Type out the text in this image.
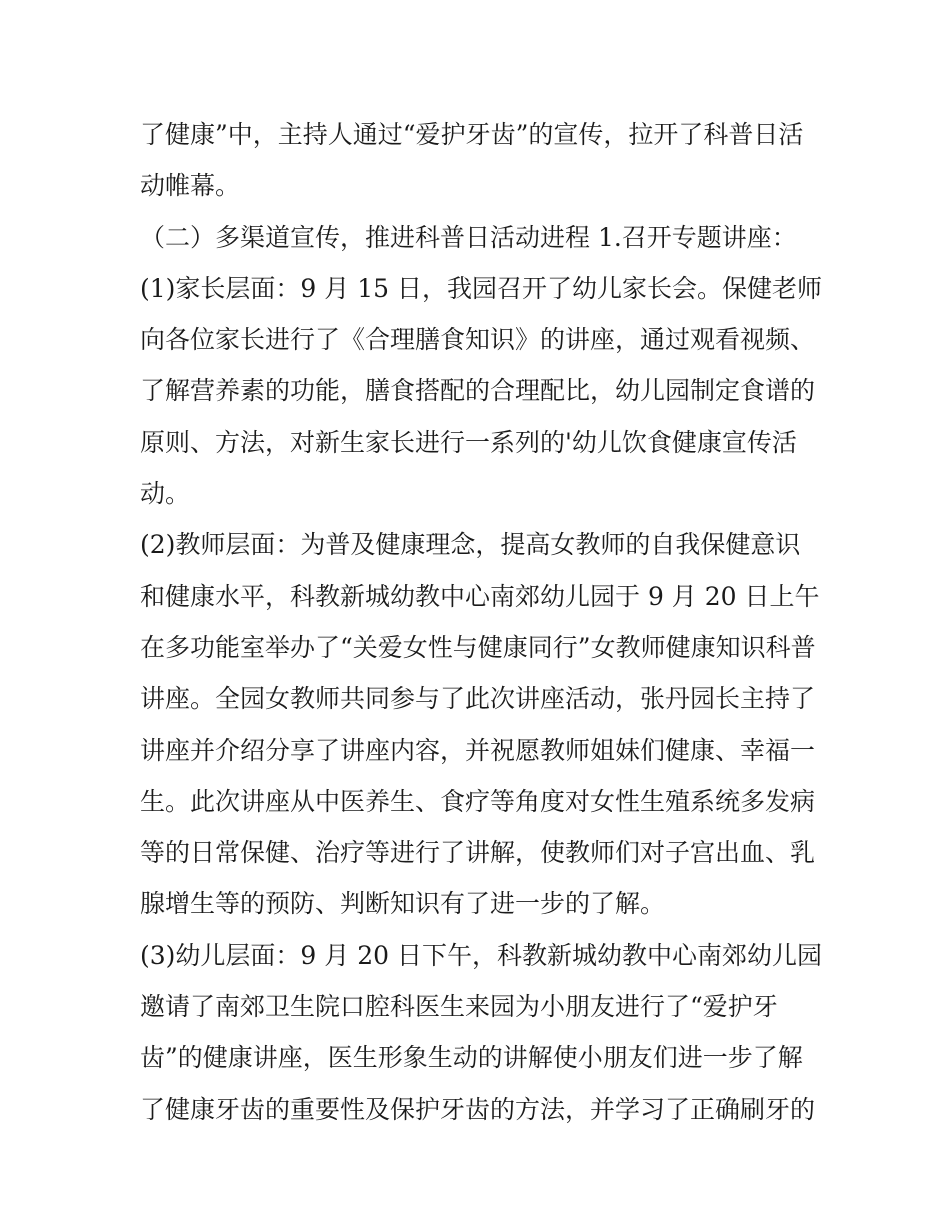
了健康”中，主持人通过“爱护牙齿”的宣传，拉开了科普日活
动帷幕。
（二）多渠道宣传，推进科普日活动进程 1.召开专题讲座：
(1)家长层面：9 月 15 日，我园召开了幼儿家长会。保健老师
向各位家长进行了《合理膳食知识》的讲座，通过观看视频、
了解营养素的功能，膳食搭配的合理配比，幼儿园制定食谱的
原则、方法，对新生家长进行一系列的'幼儿饮食健康宣传活
动。
(2)教师层面：为普及健康理念，提高女教师的自我保健意识
和健康水平，科教新城幼教中心南郊幼儿园于 9 月 20 日上午
在多功能室举办了“关爱女性与健康同行”女教师健康知识科普
讲座。全园女教师共同参与了此次讲座活动，张丹园长主持了
讲座并介绍分享了讲座内容，并祝愿教师姐妹们健康、幸福一
生。此次讲座从中医养生、食疗等角度对女性生殖系统多发病
等的日常保健、治疗等进行了讲解，使教师们对子宫出血、乳
腺增生等的预防、判断知识有了进一步的了解。
(3)幼儿层面：9 月 20 日下午，科教新城幼教中心南郊幼儿园
邀请了南郊卫生院口腔科医生来园为小朋友进行了“爱护牙
齿”的健康讲座，医生形象生动的讲解使小朋友们进一步了解
了健康牙齿的重要性及保护牙齿的方法，并学习了正确刷牙的
